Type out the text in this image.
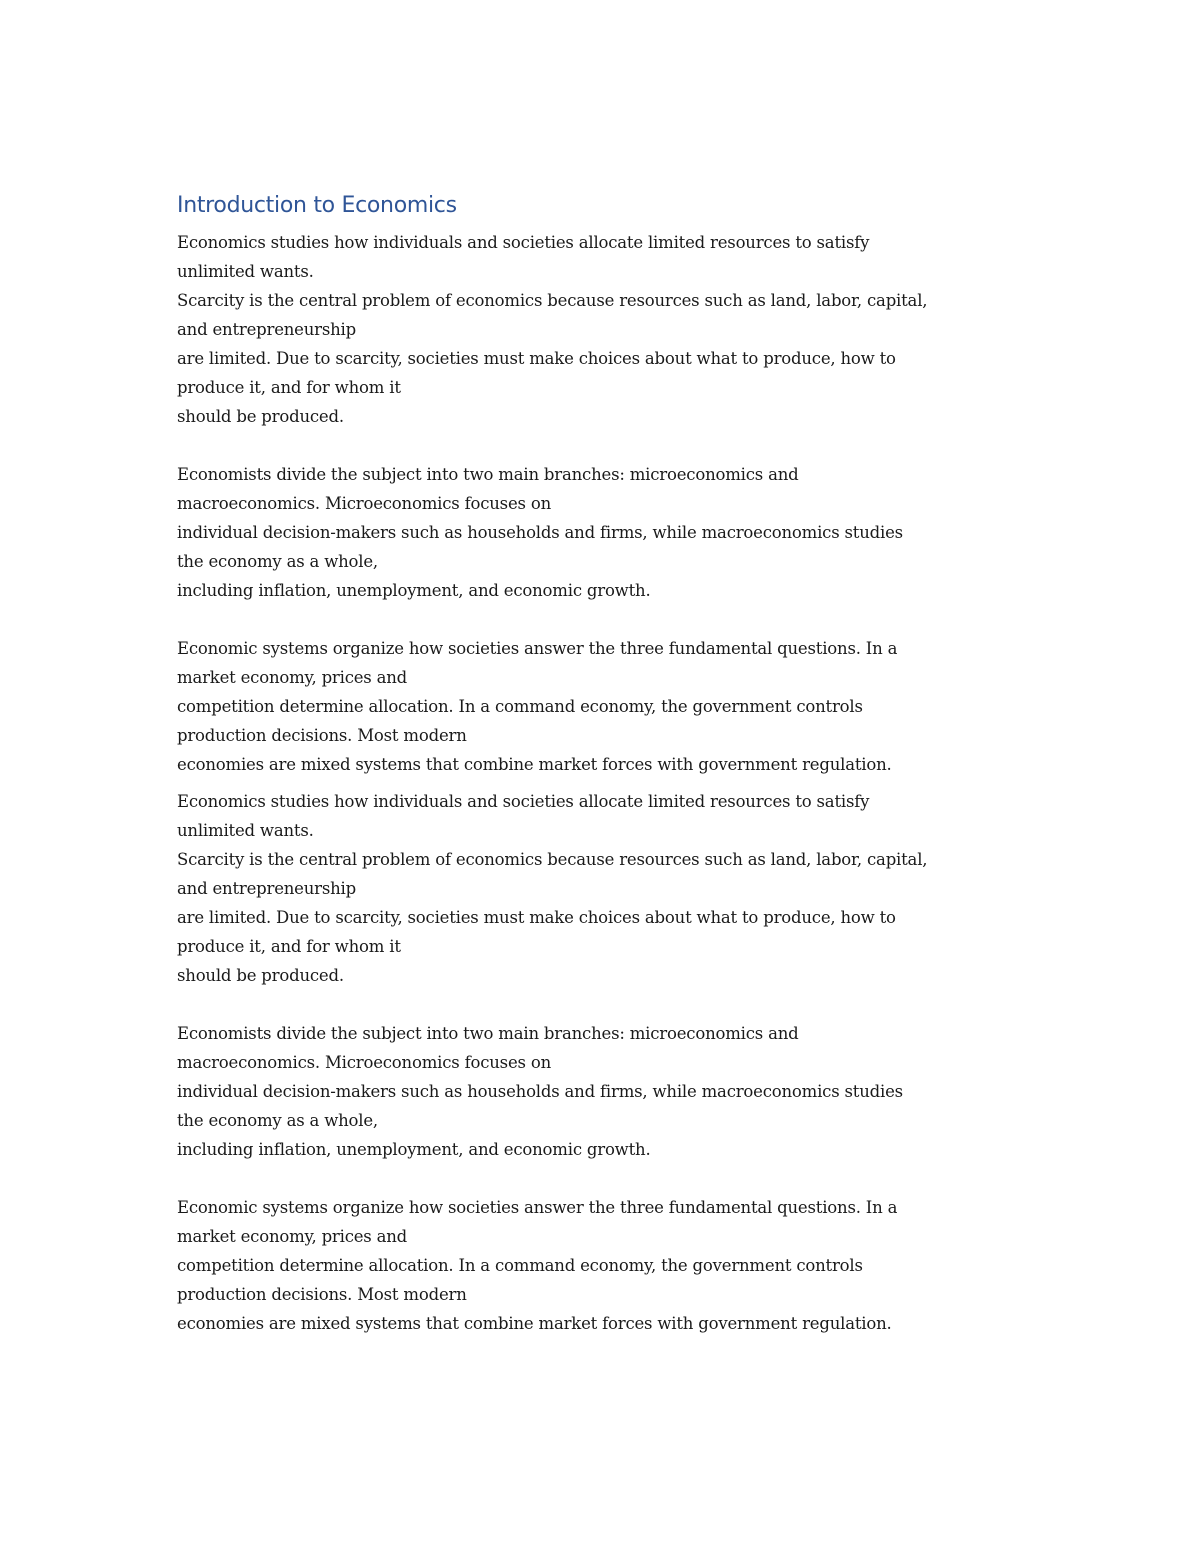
Introduction to Economics
Economics studies how individuals and societies allocate limited resources to satisfy
unlimited wants.
Scarcity is the central problem of economics because resources such as land, labor, capital,
and entrepreneurship
are limited. Due to scarcity, societies must make choices about what to produce, how to
produce it, and for whom it
should be produced.
Economists divide the subject into two main branches: microeconomics and
macroeconomics. Microeconomics focuses on
individual decision-makers such as households and firms, while macroeconomics studies
the economy as a whole,
including inflation, unemployment, and economic growth.
Economic systems organize how societies answer the three fundamental questions. In a
market economy, prices and
competition determine allocation. In a command economy, the government controls
production decisions. Most modern
economies are mixed systems that combine market forces with government regulation.
Economics studies how individuals and societies allocate limited resources to satisfy
unlimited wants.
Scarcity is the central problem of economics because resources such as land, labor, capital,
and entrepreneurship
are limited. Due to scarcity, societies must make choices about what to produce, how to
produce it, and for whom it
should be produced.
Economists divide the subject into two main branches: microeconomics and
macroeconomics. Microeconomics focuses on
individual decision-makers such as households and firms, while macroeconomics studies
the economy as a whole,
including inflation, unemployment, and economic growth.
Economic systems organize how societies answer the three fundamental questions. In a
market economy, prices and
competition determine allocation. In a command economy, the government controls
production decisions. Most modern
economies are mixed systems that combine market forces with government regulation.
